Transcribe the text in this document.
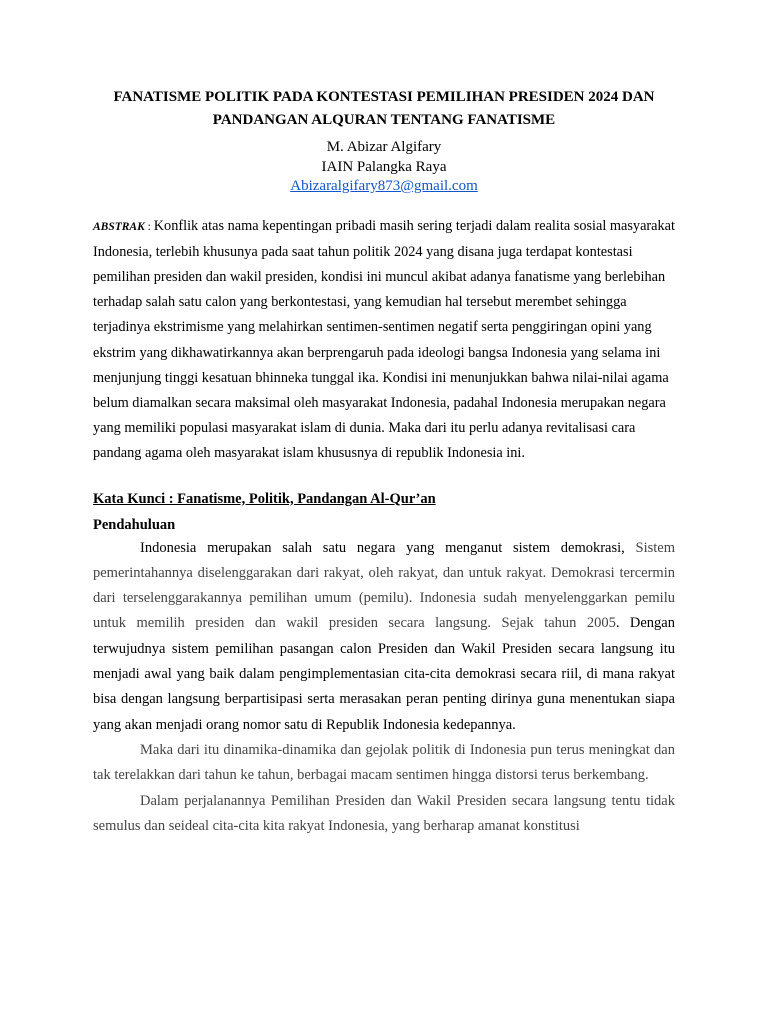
FANATISME POLITIK PADA KONTESTASI PEMILIHAN PRESIDEN 2024 DAN
PANDANGAN ALQURAN TENTANG FANATISME
M. Abizar Algifary
IAIN Palangka Raya
Abizaralgifary873@gmail.com
ABSTRAK : Konflik atas nama kepentingan pribadi masih sering terjadi dalam realita sosial masyarakat Indonesia, terlebih khusunya pada saat tahun politik 2024 yang disana juga terdapat kontestasi pemilihan presiden dan wakil presiden, kondisi ini muncul akibat adanya fanatisme yang berlebihan terhadap salah satu calon yang berkontestasi, yang kemudian hal tersebut merembet sehingga terjadinya ekstrimisme yang melahirkan sentimen-sentimen negatif serta penggiringan opini yang ekstrim yang dikhawatirkannya akan berprengaruh pada ideologi bangsa Indonesia yang selama ini menjunjung tinggi kesatuan bhinneka tunggal ika. Kondisi ini menunjukkan bahwa nilai-nilai agama belum diamalkan secara maksimal oleh masyarakat Indonesia, padahal Indonesia merupakan negara yang memiliki populasi masyarakat islam di dunia. Maka dari itu perlu adanya revitalisasi cara pandang agama oleh masyarakat islam khususnya di republik Indonesia ini.
Kata Kunci : Fanatisme, Politik, Pandangan Al-Qur’an
Pendahuluan

Indonesia merupakan salah satu negara yang menganut sistem demokrasi, Sistem pemerintahannya diselenggarakan dari rakyat, oleh rakyat, dan untuk rakyat. Demokrasi tercermin dari terselenggarakannya pemilihan umum (pemilu). Indonesia sudah menyelenggarkan pemilu untuk memilih presiden dan wakil presiden secara langsung. Sejak tahun 2005. Dengan terwujudnya sistem pemilihan pasangan calon Presiden dan Wakil Presiden secara langsung itu menjadi awal yang baik dalam pengimplementasian cita-cita demokrasi secara riil, di mana rakyat bisa dengan langsung berpartisipasi serta merasakan peran penting dirinya guna menentukan siapa yang akan menjadi orang nomor satu di Republik Indonesia kedepannya.

Maka dari itu dinamika-dinamika dan gejolak politik di Indonesia pun terus meningkat dan tak terelakkan dari tahun ke tahun, berbagai macam sentimen hingga distorsi terus berkembang.

Dalam perjalanannya Pemilihan Presiden dan Wakil Presiden secara langsung tentu tidak semulus dan seideal cita-cita kita rakyat Indonesia, yang berharap amanat konstitusi
